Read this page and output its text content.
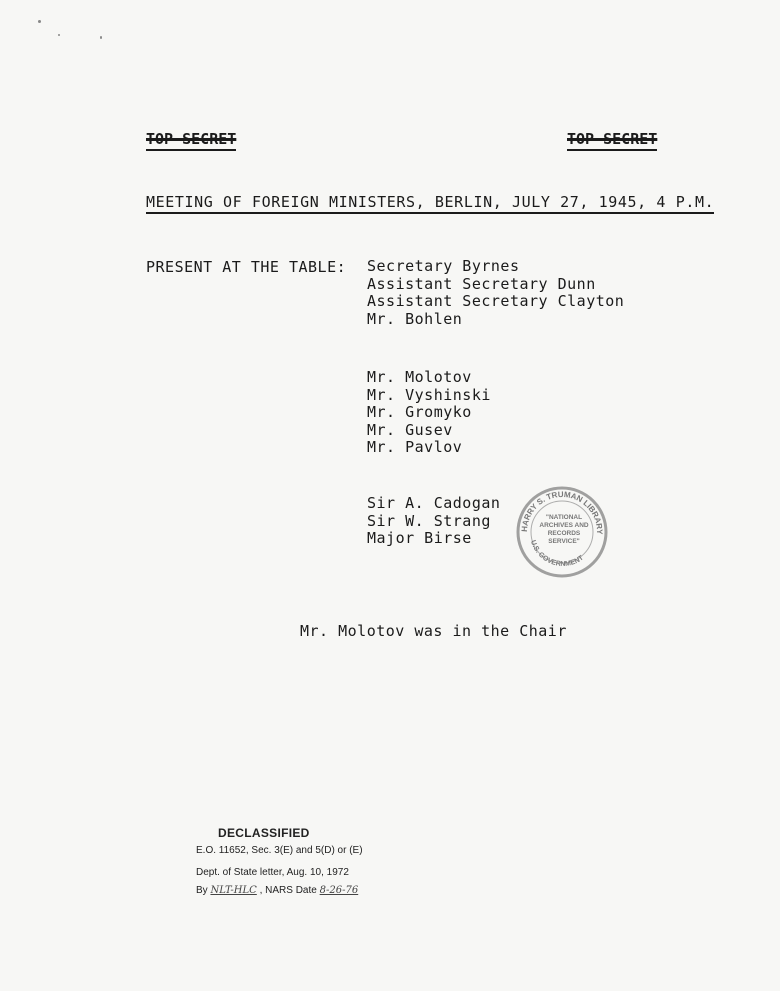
TOP SECRET	TOP SECRET
MEETING OF FOREIGN MINISTERS, BERLIN, JULY 27, 1945, 4 P.M.
PRESENT AT THE TABLE: Secretary Byrnes
Assistant Secretary Dunn
Assistant Secretary Clayton
Mr. Bohlen
Mr. Molotov
Mr. Vyshinski
Mr. Gromyko
Mr. Gusev
Mr. Pavlov
Sir A. Cadogan
Sir W. Strang
Major Birse
HARRY S. TRUMAN LIBRARY
U.S. GOVERNMENT
"NATIONAL
ARCHIVES AND
RECORDS
SERVICE"
Mr. Molotov was in the Chair
DECLASSIFIED
E.O. 11652, Sec. 3(E) and 5(D) or (E)
Dept. of State letter, Aug. 10, 1972
By NLT-HLC , NARS Date 8-26-76
